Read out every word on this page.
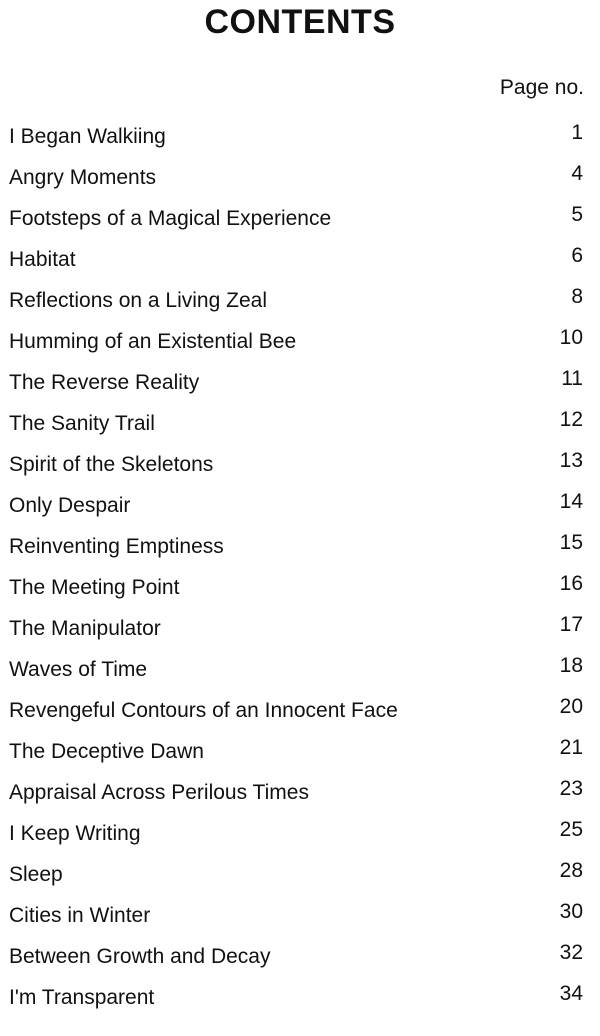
CONTENTS
Page no.
I Began Walkiing	1
Angry Moments	4
Footsteps of a Magical Experience	5
Habitat	6
Reflections on a Living Zeal	8
Humming of an Existential Bee	10
The Reverse Reality	11
The Sanity Trail	12
Spirit of the Skeletons	13
Only Despair	14
Reinventing Emptiness	15
The Meeting Point	16
The Manipulator	17
Waves of Time	18
Revengeful Contours of an Innocent Face	20
The Deceptive Dawn	21
Appraisal Across Perilous Times	23
I Keep Writing	25
Sleep	28
Cities in Winter	30
Between Growth and Decay	32
I'm Transparent	34
